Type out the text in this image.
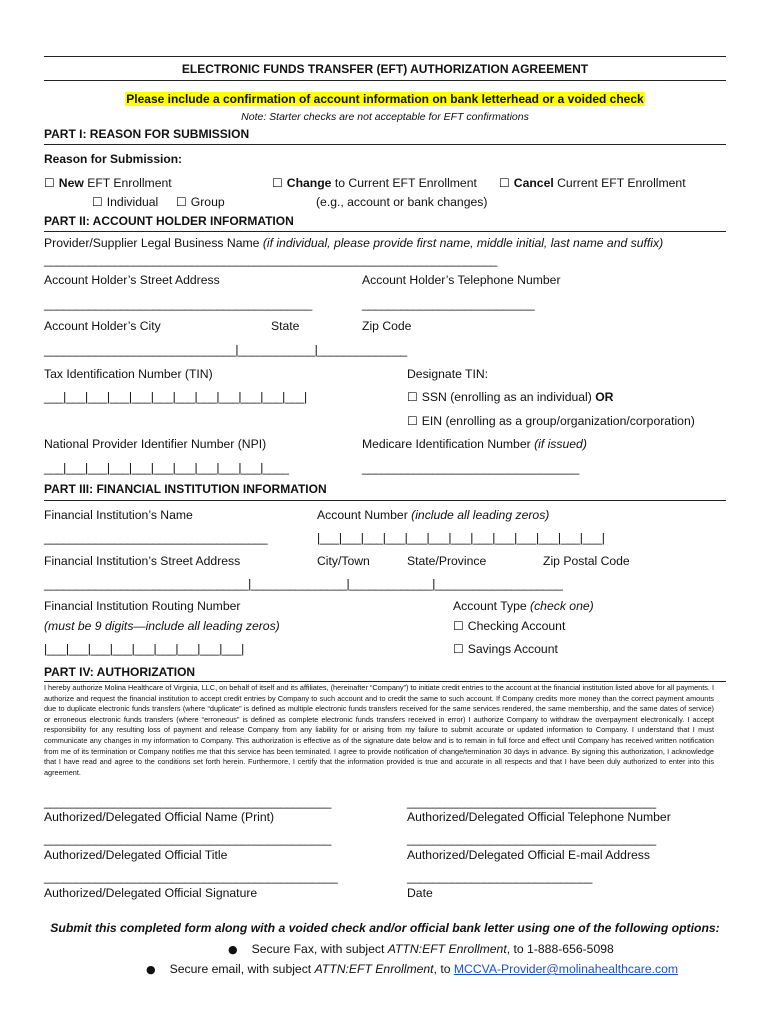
ELECTRONIC FUNDS TRANSFER (EFT) AUTHORIZATION AGREEMENT
Please include a confirmation of account information on bank letterhead or a voided check
Note: Starter checks are not acceptable for EFT confirmations
PART I: REASON FOR SUBMISSION
Reason for Submission:
☐ New EFT Enrollment	☐ Change to Current EFT Enrollment ☐ Cancel Current EFT Enrollment
☐ Individual ☐ Group	(e.g., account or bank changes)
PART II: ACCOUNT HOLDER INFORMATION
Provider/Supplier Legal Business Name (if individual, please provide first name, middle initial, last name and suffix)
_______________________________________________________________________
Account Holder’s Street Address	Account Holder’s Telephone Number
__________________________________________	___________________________
Account Holder’s City	State	Zip Code
______________________________|____________|______________
Tax Identification Number (TIN)	Designate TIN:
___|___|___|___|___|___|___|___|___|___|___|___|	☐ SSN (enrolling as an individual) OR
☐ EIN (enrolling as a group/organization/corporation)
National Provider Identifier Number (NPI)	Medicare Identification Number (if issued)
___|___|___|___|___|___|___|___|___|___|____	__________________________________
PART III: FINANCIAL INSTITUTION INFORMATION
Financial Institution’s Name	Account Number (include all leading zeros)
___________________________________	|___|___|___|___|___|___|___|___|___|___|___|___|___|
Financial Institution’s Street Address	City/Town	State/Province	Zip Postal Code
________________________________|_______________|_____________|____________________
Financial Institution Routing Number	Account Type (check one)
(must be 9 digits—include all leading zeros)	☐ Checking Account
|___|___|___|___|___|___|___|___|___|	☐ Savings Account
PART IV: AUTHORIZATION
I hereby authorize Molina Healthcare of Virginia, LLC, on behalf of itself and its affiliates, (hereinafter “Company”) to initiate credit entries to the account at the financial institution listed above for all payments. I authorize and request the financial institution to accept credit entries by Company to such account and to credit the same to such account. If Company credits more money than the correct payment amounts due to duplicate electronic funds transfers (where “duplicate” is defined as multiple electronic funds transfers received for the same services rendered, the same membership, and the same dates of service) or erroneous electronic funds transfers (where “erroneous” is defined as complete electronic funds transfers received in error) I authorize Company to withdraw the overpayment electronically. I accept responsibility for any resulting loss of payment and release Company from any liability for or arising from my failure to submit accurate or updated information to Company. I understand that I must communicate any changes in my information to Company. This authorization is effective as of the signature date below and is to remain in full force and effect until Company has received written notification from me of its termination or Company notifies me that this service has been terminated. I agree to provide notification of change/termination 30 days in advance. By signing this authorization, I acknowledge that I have read and agree to the conditions set forth herein. Furthermore, I certify that the information provided is true and accurate in all respects and that I have been duly authorized to enter into this agreement.
_____________________________________________	_______________________________________
Authorized/Delegated Official Name (Print)	Authorized/Delegated Official Telephone Number
_____________________________________________	_______________________________________
Authorized/Delegated Official Title	Authorized/Delegated Official E-mail Address
______________________________________________	_____________________________
Authorized/Delegated Official Signature	Date
Submit this completed form along with a voided check and/or official bank letter using one of the following options:
● Secure Fax, with subject ATTN:EFT Enrollment, to 1-888-656-5098
● Secure email, with subject ATTN:EFT Enrollment, to MCCVA-Provider@molinahealthcare.com
